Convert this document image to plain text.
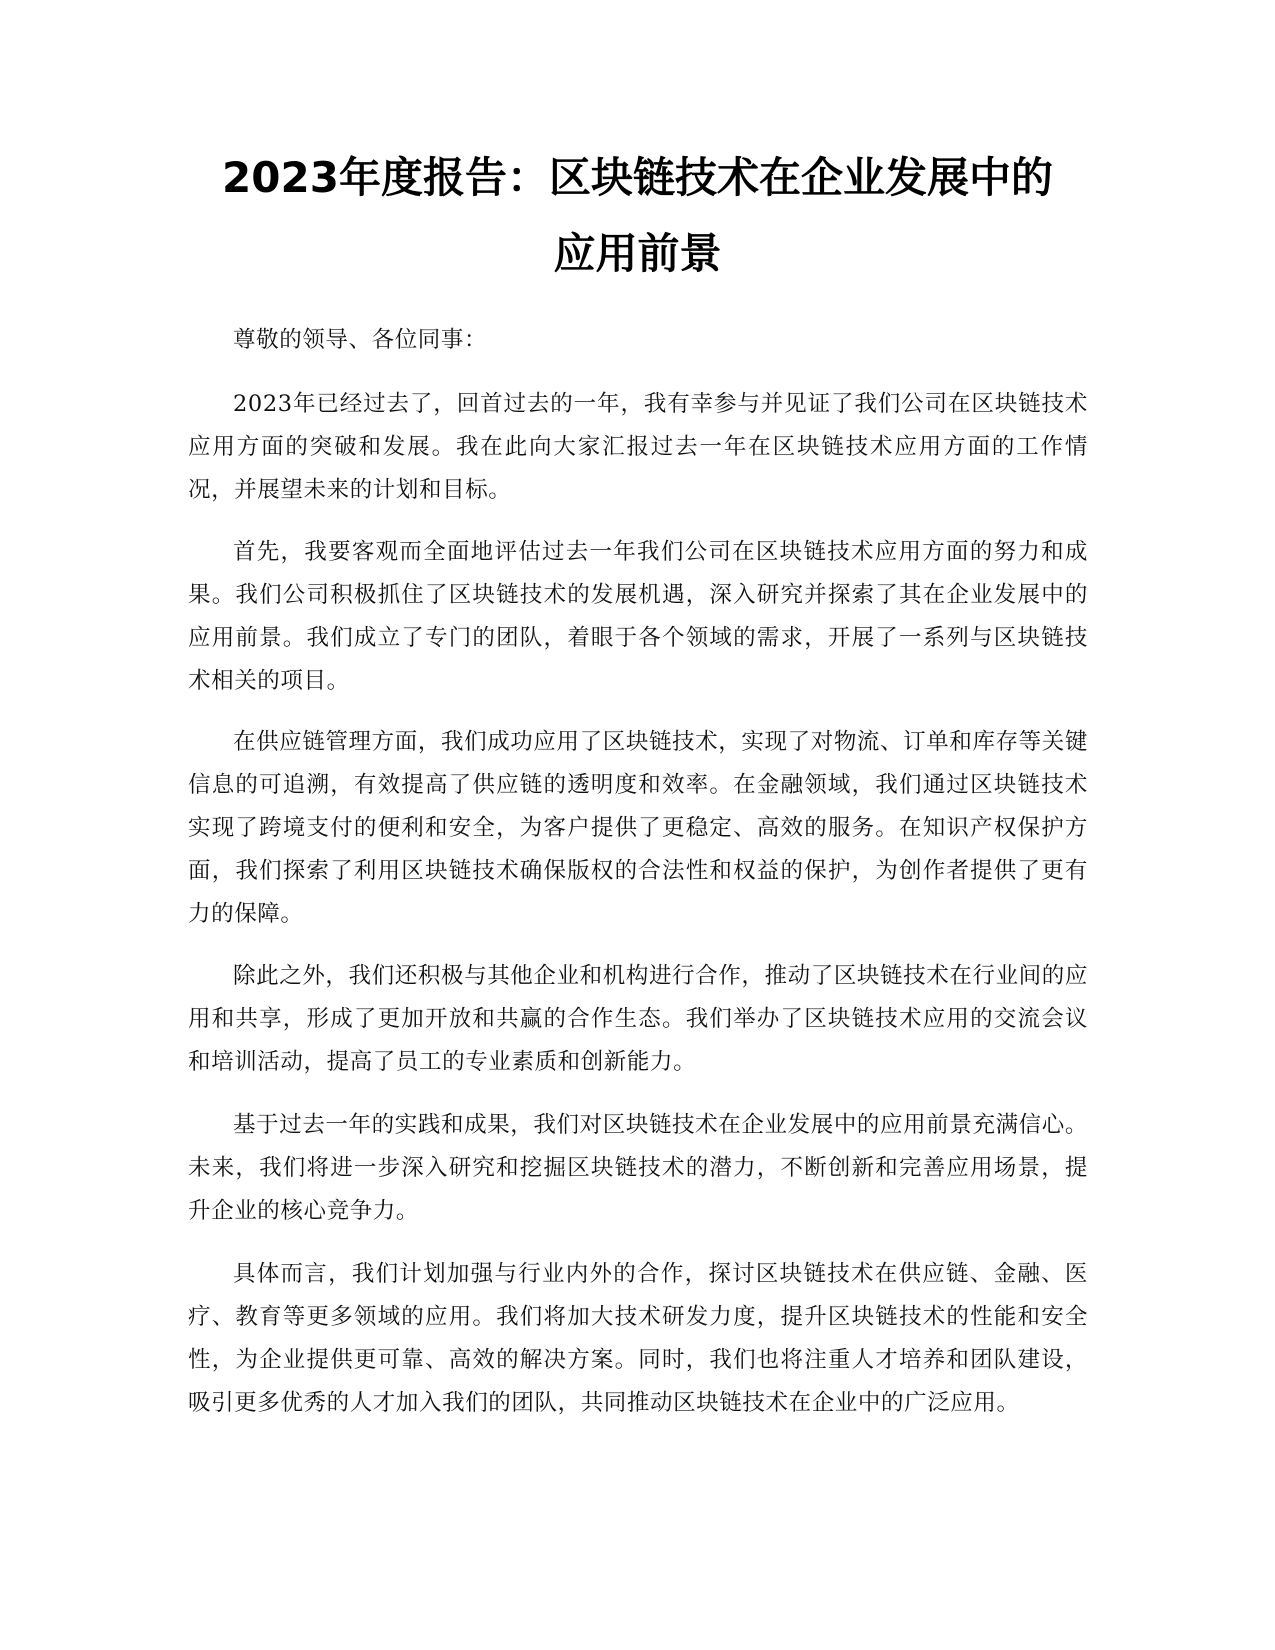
2023年度报告：区块链技术在企业发展中的
应用前景

尊敬的领导、各位同事：

2023年已经过去了，回首过去的一年，我有幸参与并见证了我们公司在区块链技术应用方面的突破和发展。我在此向大家汇报过去一年在区块链技术应用方面的工作情况，并展望未来的计划和目标。

首先，我要客观而全面地评估过去一年我们公司在区块链技术应用方面的努力和成果。我们公司积极抓住了区块链技术的发展机遇，深入研究并探索了其在企业发展中的应用前景。我们成立了专门的团队，着眼于各个领域的需求，开展了一系列与区块链技术相关的项目。

在供应链管理方面，我们成功应用了区块链技术，实现了对物流、订单和库存等关键信息的可追溯，有效提高了供应链的透明度和效率。在金融领域，我们通过区块链技术实现了跨境支付的便利和安全，为客户提供了更稳定、高效的服务。在知识产权保护方面，我们探索了利用区块链技术确保版权的合法性和权益的保护，为创作者提供了更有力的保障。

除此之外，我们还积极与其他企业和机构进行合作，推动了区块链技术在行业间的应用和共享，形成了更加开放和共赢的合作生态。我们举办了区块链技术应用的交流会议和培训活动，提高了员工的专业素质和创新能力。

基于过去一年的实践和成果，我们对区块链技术在企业发展中的应用前景充满信心。未来，我们将进一步深入研究和挖掘区块链技术的潜力，不断创新和完善应用场景，提升企业的核心竞争力。

具体而言，我们计划加强与行业内外的合作，探讨区块链技术在供应链、金融、医疗、教育等更多领域的应用。我们将加大技术研发力度，提升区块链技术的性能和安全性，为企业提供更可靠、高效的解决方案。同时，我们也将注重人才培养和团队建设，吸引更多优秀的人才加入我们的团队，共同推动区块链技术在企业中的广泛应用。
